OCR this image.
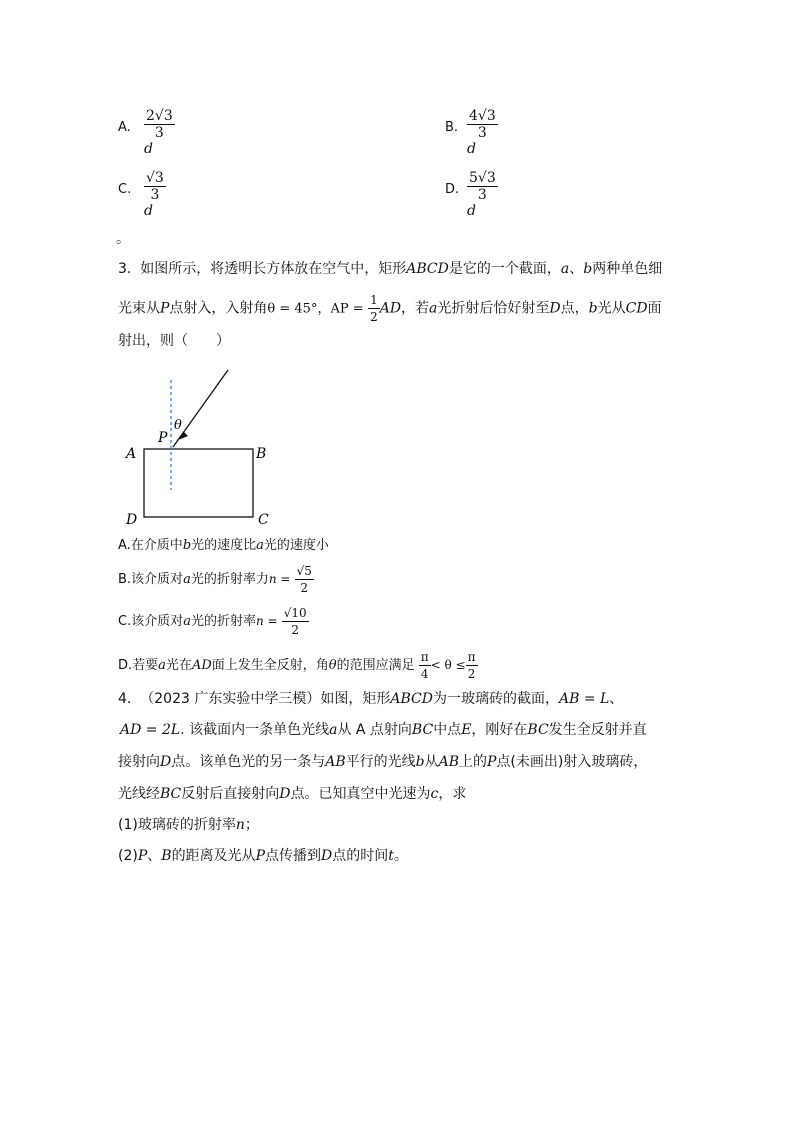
A. $\frac{2√3}{3}$
d
B. $\frac{4√3}{3}$
d
C. $\frac{√3}{3}$
d
D. $\frac{5√3}{3}$
d
。
3. 如图所示，将透明长方体放在空气中，矩形ABCD是它的一个截面，a、b两种单色细
光束从P点射入，入射角θ = 45°，AP = $\frac{1}{2}$ AD，若a光折射后恰好射至D点，b光从CD面
射出，则（　　）
A	B
C
D
P
θ
A.在介质中b光的速度比a光的速度小
B.该介质对a光的折射率力$n = \frac{√5}{2}$
C.该介质对a光的折射率$n = \frac{√10}{2}$
D.若要a光在AD面上发生全反射，角θ的范围应满足 $\frac{\pi}{4} < \theta \le \frac{\pi}{2}$
4. （2023 广东实验中学三模）如图，矩形ABCD为一玻璃砖的截面，AB = L、
AD = 2L. 该截面内一条单色光线a从 A 点射向BC中点E，刚好在BC发生全反射并直
接射向D点。该单色光的另一条与AB平行的光线b从AB上的P点(未画出)射入玻璃砖，
光线经BC反射后直接射向D点。已知真空中光速为c，求
(1)玻璃砖的折射率n；
(2)P、B的距离及光从P点传播到D点的时间t。
